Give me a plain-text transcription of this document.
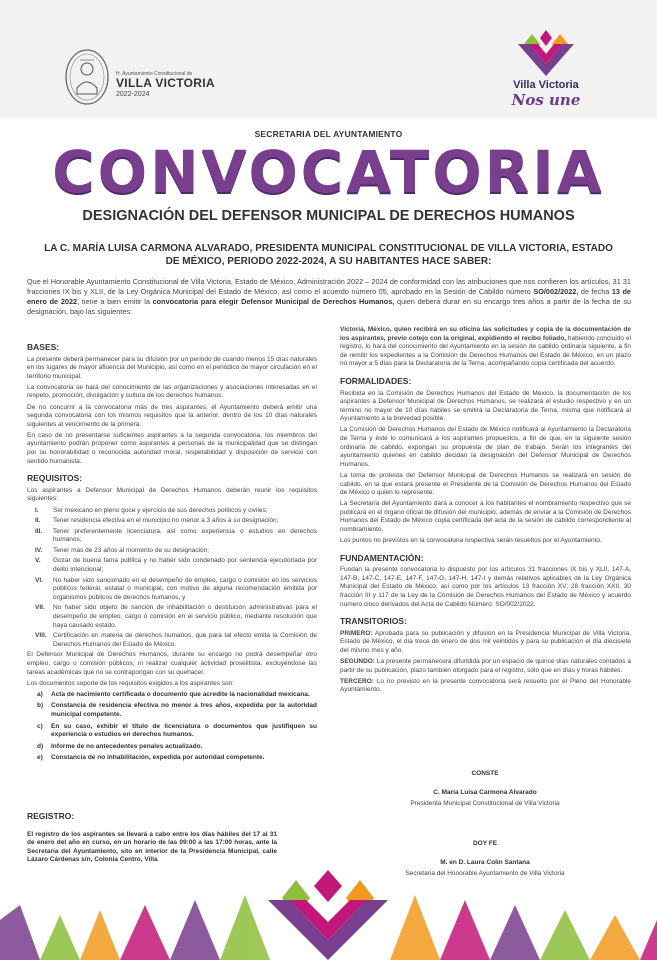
H. Ayuntamiento Constitucional de
VILLA VICTORIA
2022-2024
Villa Victoria
Nos une
SECRETARIA DEL AYUNTAMIENTO
CONVOCATORIA
DESIGNACIÓN DEL DEFENSOR MUNICIPAL DE DERECHOS HUMANOS
LA C. MARÍA LUISA CARMONA ALVARADO, PRESIDENTA MUNICIPAL CONSTITUCIONAL DE VILLA VICTORIA, ESTADO DE MÉXICO, PERIODO 2022-2024, A SU HABITANTES HACE SABER:
Que el Honorable Ayuntamiento Constitucional de Villa Victoria, Estado de México, Administración 2022 – 2024 de conformidad con las atribuciones que nos confieren los artículos, 31 31 fracciones IX bis y XLII, de la Ley Orgánica Municipal del Estado de México, así como el acuerdo número 05, aprobado en la Sesión de Cabildo número SO/002/2022, de fecha 13 de enero de 2022, tiene a bien emitir la convocatoria para elegir Defensor Municipal de Derechos Humanos, quien deberá durar en su encargo tres años a partir de la fecha de su designación, bajo las siguientes:
BASES:

La presente deberá permanecer para su difusión por un periodo de cuando menos 15 días naturales en los lugares de mayor afluencia del Municipio, así como en el periódico de mayor circulación en el territorio municipal.

La convocatoria se hará del conocimiento de las organizaciones y asociaciones interesadas en el respeto, promoción, divulgación y cultura de los derechos humanos.

De no concurrir a la convocatoria más de tres aspirantes, el Ayuntamiento deberá emitir una segunda convocatoria con los mismos requisitos que la anterior, dentro de los 10 días naturales siguientes al vencimiento de la primera.

En caso de no presentarse suficientes aspirantes a la segunda convocatoria, los miembros del ayuntamiento podrán proponer como aspirantes a personas de la municipalidad que se distingan por su honorabilidad o reconocida autoridad moral, respetabilidad y disposición de servicio con sentido humanista.

REQUISITOS:

Los aspirantes a Defensor Municipal de Derechos Humanos deberán reunir los requisitos siguientes:

I. Ser mexicano en pleno goce y ejercicio de sus derechos políticos y civiles;
II. Tener residencia efectiva en el municipio no menor a 3 años a su designación;
III. Tener preferentemente licenciatura, así como experiencia o estudios en derechos humanos;
IV. Tener más de 23 años al momento de su designación;
V. Gozar de buena fama pública y no haber sido condenado por sentencia ejecutoriada por delito intencional;
VI. No haber sido sancionado en el desempeño de empleo, cargo o comisión en los servicios públicos federal, estatal o municipal, con motivo de alguna recomendación emitida por organismos públicos de derechos humanos, y
VII. No haber sido objeto de sanción de inhabilitación o destitución administrativas para el desempeño de empleo, cargo o comisión en el servicio público, mediante resolución que haya causado estado.
VIII. Certificación en materia de derechos humanos, que para tal efecto emita la Comisión de Derechos Humanos del Estado de México.

El Defensor Municipal de Derechos Humanos, durante su encargo no podrá desempeñar otro empleo, cargo o comisión públicos, ni realizar cualquier actividad proselitista, excluyéndose las tareas académicas que no se contrapongan con su quehacer.

Los documentos soporte de los requisitos exigidos a los aspirantes son:

a) Acta de nacimiento certificada o documento que acredite la nacionalidad mexicana.
b) Constancia de residencia efectiva no menor a tres años, expedida por la autoridad municipal competente.
c) En su caso, exhibir el título de licenciatura o documentos que justifiquen su experiencia o estudios en derechos humanos.
d) Informe de no antecedentes penales actualizado.
e) Constancia de no inhabilitación, expedida por autoridad competente.
REGISTRO:
El registro de los aspirantes se llevará a cabo entre los días hábiles del 17 al 31 de enero del año en curso, en un horario de las 09:00 a las 17:00 horas, ante la Secretaría del Ayuntamiento, sito en interior de la Presidencia Municipal, calle Lázaro Cárdenas s/n, Colonia Centro, Villa

Victoria, México, quien recibirá en su oficina las solicitudes y copia de la documentación de los aspirantes, previo cotejo con la original, expidiendo el recibo foliado, habiendo concluido el registro, lo hará del conocimiento del Ayuntamiento en la sesión de cabildo ordinaria siguiente, a fin de remitir los expedientes a la Comisión de Derechos Humanos del Estado de México, en un plazo no mayor a 5 días para la Declaratoria de la Terna, acompañando copia certificada del acuerdo.

FORMALIDADES:

Recibida en la Comisión de Derechos Humanos del Estado de México, la documentación de los aspirantes a Defensor Municipal de Derechos Humanos, se realizará el estudio respectivo y en un término no mayor de 10 días hábiles se emitirá la Declaratoria de Terna, misma que notificará al Ayuntamiento a la brevedad posible.

La Comisión de Derechos Humanos del Estado de México notificará al Ayuntamiento la Declaratoria de Terna y éste lo comunicará a los aspirantes propuestos, a fin de que, en la siguiente sesión ordinaria de cabildo, expongan su propuesta de plan de trabajo. Serán los integrantes del ayuntamiento quienes en cabildo decidan la designación del Defensor Municipal de Derechos Humanos.

La toma de protesta del Defensor Municipal de Derechos Humanos se realizará en sesión de cabildo, en la que estará presente el Presidente de la Comisión de Derechos Humanos del Estado de México o quien lo represente.

La Secretaría del Ayuntamiento dará a conocer a los habitantes el nombramiento respectivo que se publicará en el órgano oficial de difusión del municipio, además de enviar a la Comisión de Derechos Humanos del Estado de México copia certificada del acta de la sesión de cabildo correspondiente al nombramiento.

Los puntos no previstos en la convocatoria respectiva serán resueltos por el Ayuntamiento.

FUNDAMENTACIÓN:

Fundan la presente convocatoria lo dispuesto por los artículos 31 fracciones IX bis y XLII, 147-A, 147-B, 147-C, 147-E, 147-F, 147-G, 147-H, 147-I y demás relativos aplicables de la Ley Orgánica Municipal del Estado de México, así como por los artículos 13 fracción XV; 28 fracción XXII, 30 fracción III y 117 de la Ley de la Comisión de Derechos Humanos del Estado de México y acuerdo número cinco derivados del Acta de Cabildo Número: SO/002/2022.

TRANSITORIOS:

PRIMERO: Aprobada para su publicación y difusión en la Presidencia Municipal de Villa Victoria, Estado de México, el día trece de enero de dos mil veintidós y para su publicación el día diecisiete del mismo mes y año.

SEGUNDO: La presente permanecerá difundida por un espacio de quince días naturales contados a partir de su publicación, plazo también otorgado para el registro, sólo que en días y horas hábiles.

TERCERO: Lo no previsto en la presente convocatoria será resuelto por el Pleno del Honorable Ayuntamiento.

CONSTE
C. María Luisa Carmona Alvarado
Presidenta Municipal Constitucional de Villa Victoria
DOY FE
M. en D. Laura Colín Santana
Secretaria del Honorable Ayuntamiento de Villa Victoria
